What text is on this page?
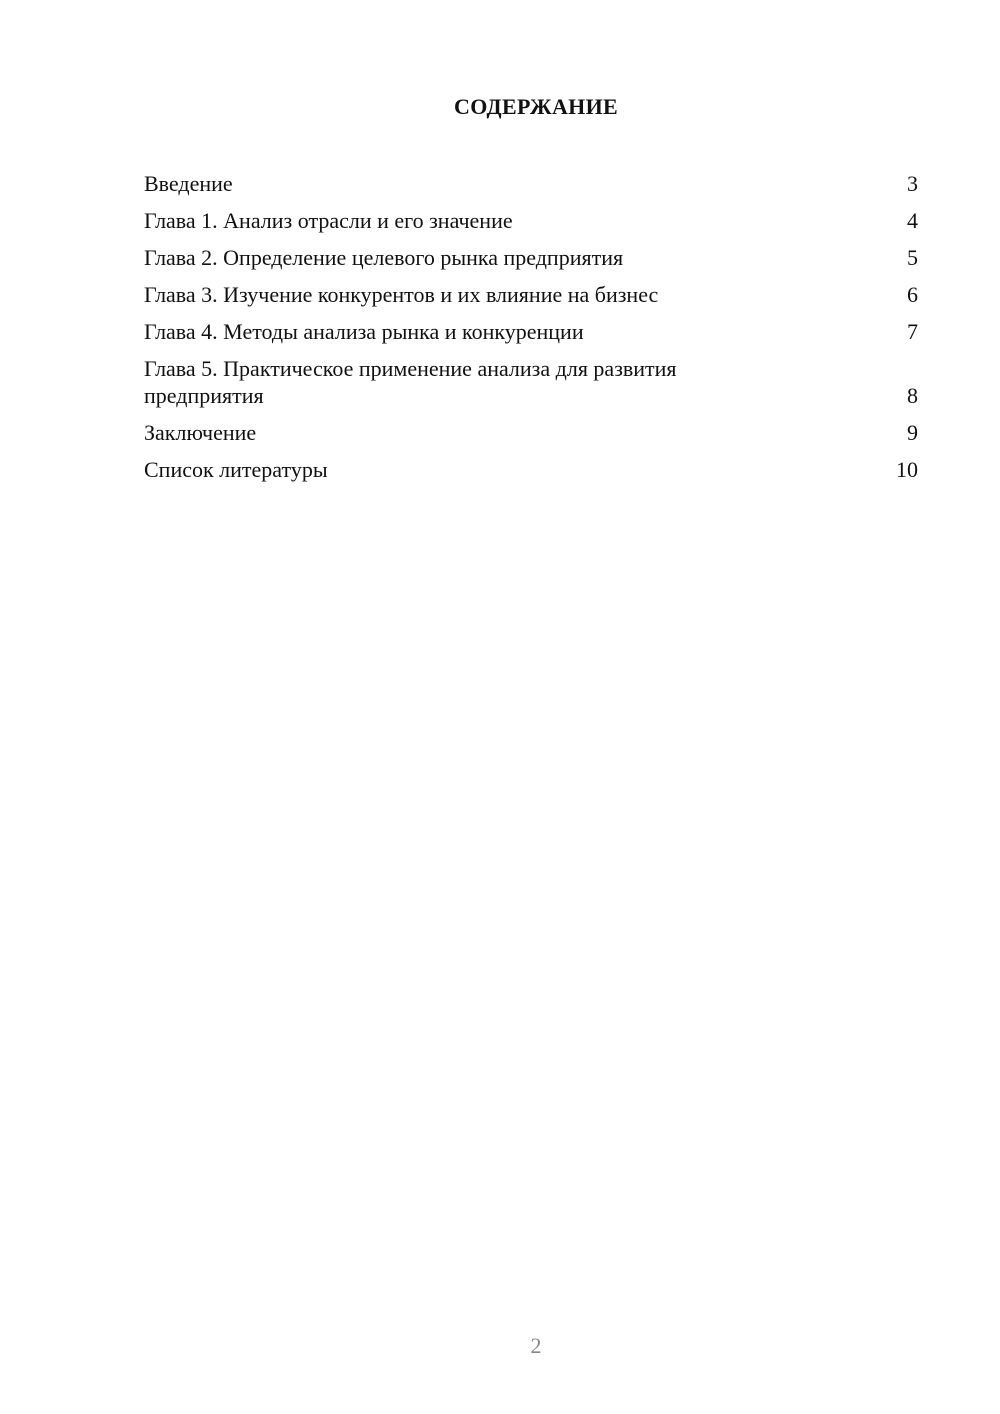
СОДЕРЖАНИЕ
Введение	3
Глава 1. Анализ отрасли и его значение	4
Глава 2. Определение целевого рынка предприятия	5
Глава 3. Изучение конкурентов и их влияние на бизнес	6
Глава 4. Методы анализа рынка и конкуренции	7
Глава 5. Практическое применение анализа для развития предприятия	8
Заключение	9
Список литературы	10
2
